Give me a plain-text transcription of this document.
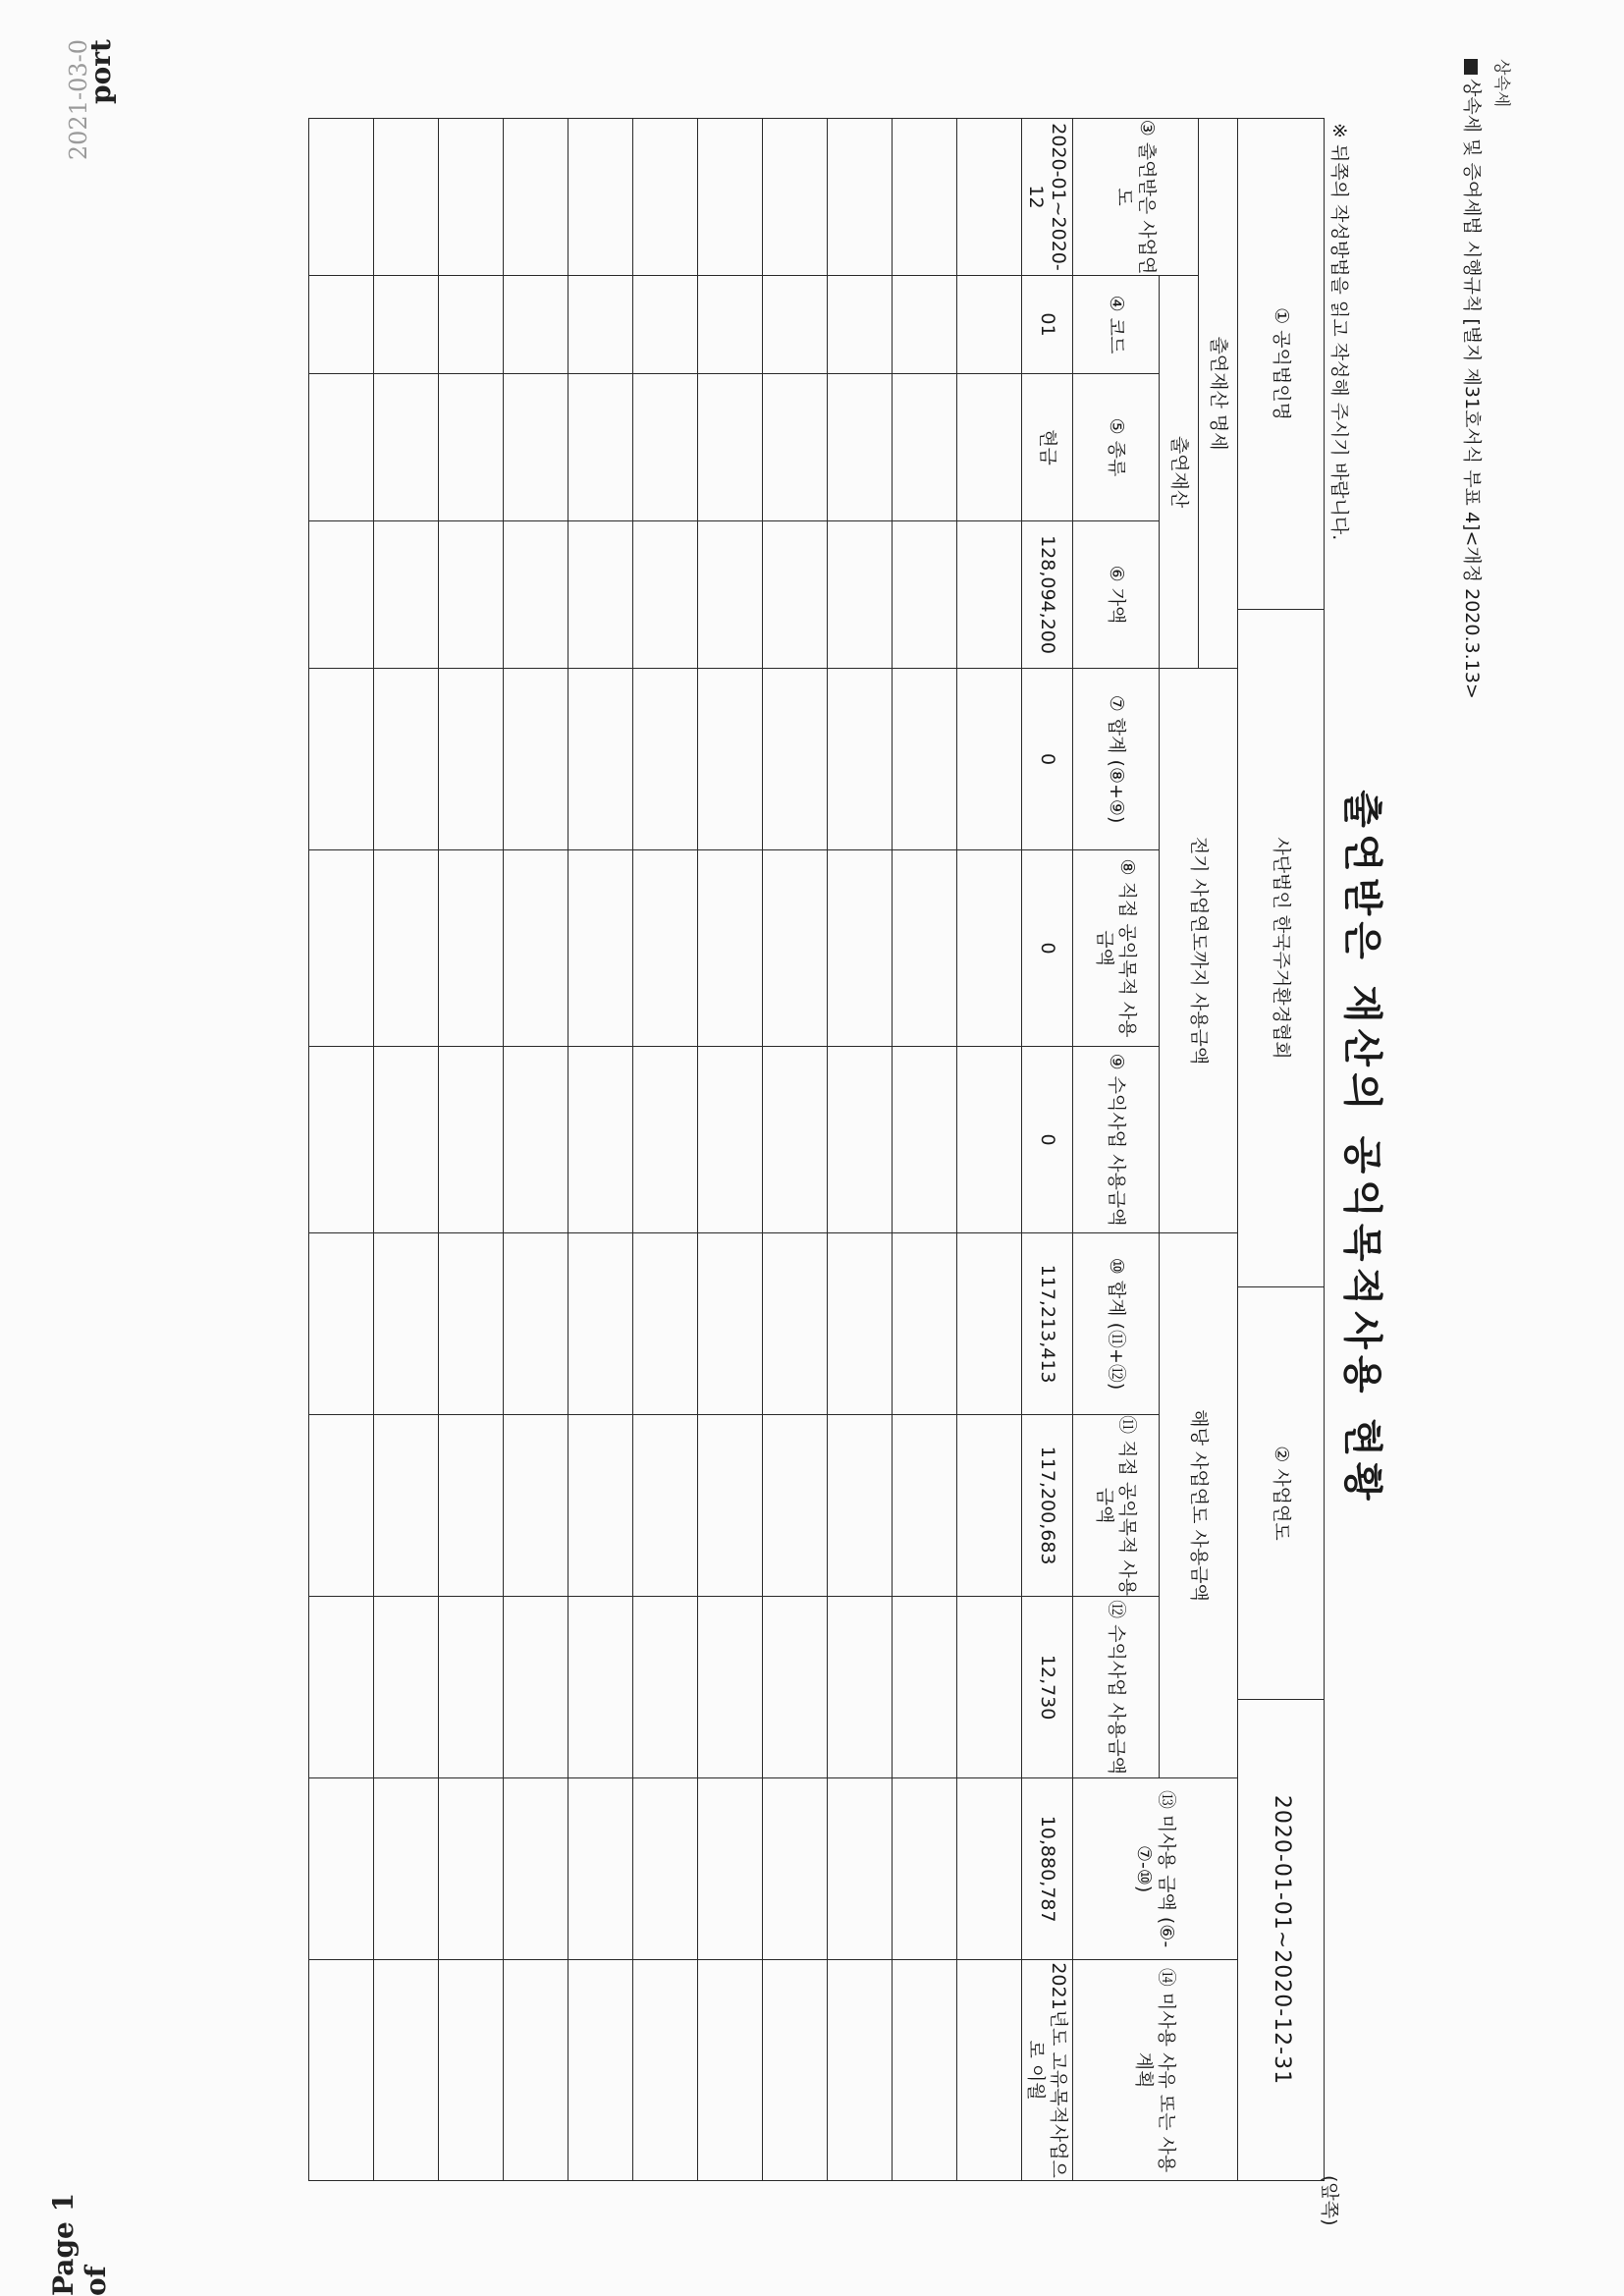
2021-03-0	상속세 및 증여세법 시행규칙 [별지 제31호서식 부표 4]<개정 2020.3.13> 상속세
출연받은 재산의 공익목적사용 현황
※ 뒤쪽의 작성방법을 읽고 작성해 주시기 바랍니다.
(앞쪽)
① 공익법인명	사단법인 한국주거환경협회	② 사업연도	2020-01-01~2020-12-31
출연재산 명세				전기 사업연도까지 사용금액			해당 사업연도 사용금액			⑬ 미사용 금액 (⑥-⑦-⑩)	⑭ 미사용 사유 또는 사용계획
③ 출연받은 사업연도	출연재산										
	④ 코드	⑤ 종류	⑥ 가액	⑦ 합계 (⑧+⑨)	⑧ 직접 공익목적 사용금액	⑨ 수익사업 사용금액	⑩ 합계 (⑪+⑫)	⑪ 직접 공익목적 사용금액	⑫ 수익사업 사용금액		
2020-01~2020-12	01	현금	128,094,200	0	0	0	117,213,413	117,200,683	12,730	10,880,787	2021년도 고유목적사업으로 이월

Page 1 of
port
